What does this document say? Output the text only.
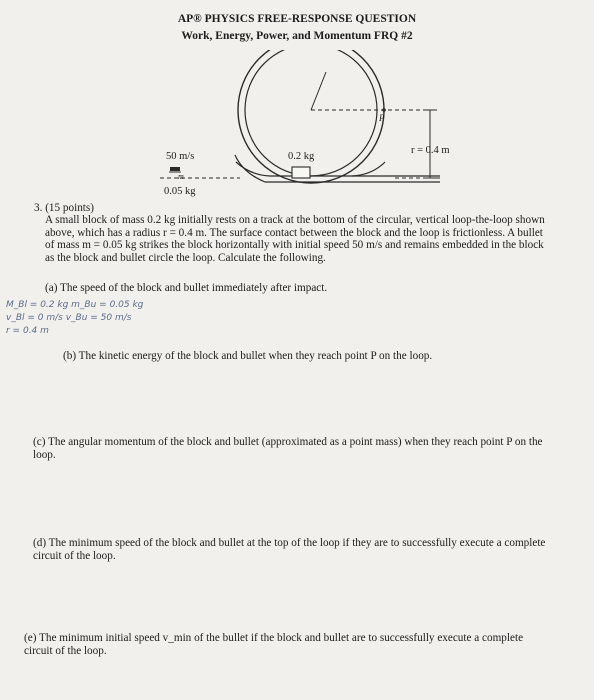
AP® PHYSICS FREE-RESPONSE QUESTION
Work, Energy, Power, and Momentum FRQ #2
50 m/s
m
0.05 kg
0.2 kg
r = 0.4 m
P
3. (15 points)
A small block of mass 0.2 kg initially rests on a track at the bottom of the circular, vertical loop-the-loop shown above, which has a radius r = 0.4 m. The surface contact between the block and the loop is frictionless. A bullet of mass m = 0.05 kg strikes the block horizontally with initial speed 50 m/s and remains embedded in the block as the block and bullet circle the loop. Calculate the following.
(a) The speed of the block and bullet immediately after impact.
M_Bl = 0.2 kg m_Bu = 0.05 kg
v_Bl = 0 m/s v_Bu = 50 m/s
r = 0.4 m
(b) The kinetic energy of the block and bullet when they reach point P on the loop.
(c) The angular momentum of the block and bullet (approximated as a point mass) when they reach point P on the loop.
(d) The minimum speed of the block and bullet at the top of the loop if they are to successfully execute a complete circuit of the loop.
(e) The minimum initial speed v_min of the bullet if the block and bullet are to successfully execute a complete circuit of the loop.
